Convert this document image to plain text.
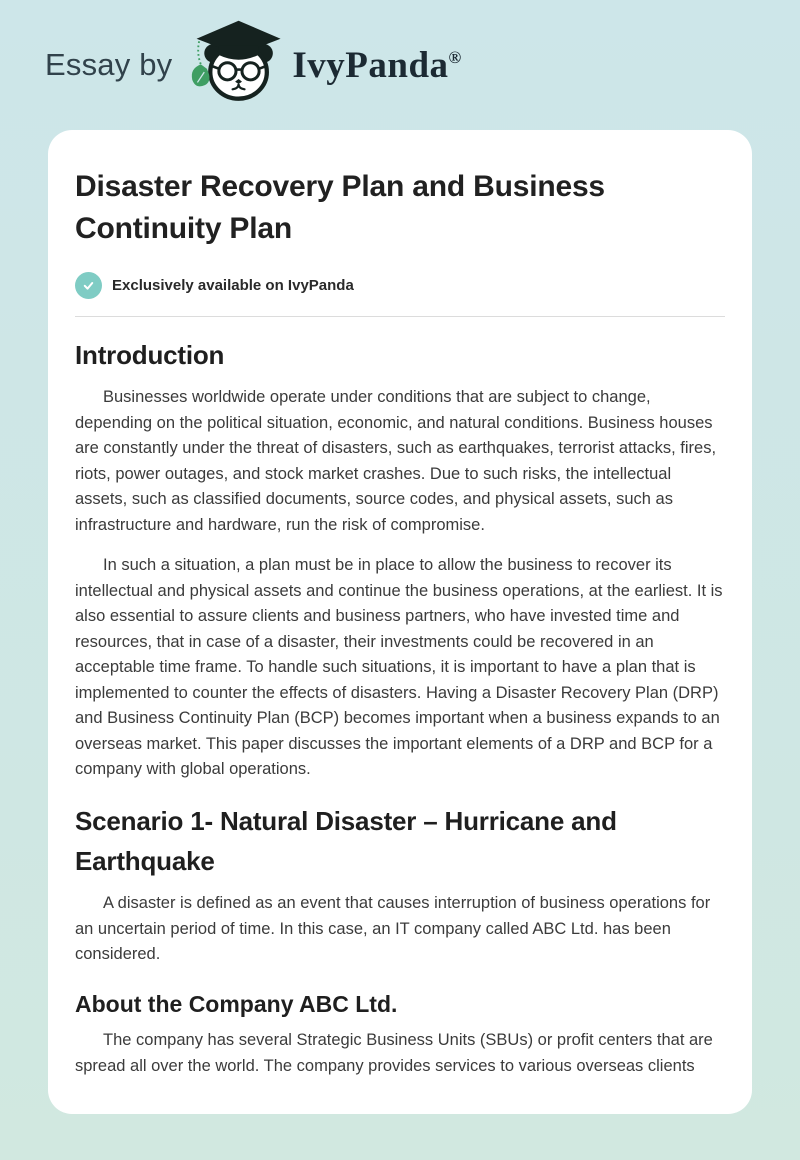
Essay by	IvyPanda®
Disaster Recovery Plan and Business Continuity Plan
Exclusively available on IvyPanda
Introduction

Businesses worldwide operate under conditions that are subject to change, depending on the political situation, economic, and natural conditions. Business houses are constantly under the threat of disasters, such as earthquakes, terrorist attacks, fires, riots, power outages, and stock market crashes. Due to such risks, the intellectual assets, such as classified documents, source codes, and physical assets, such as infrastructure and hardware, run the risk of compromise.

In such a situation, a plan must be in place to allow the business to recover its intellectual and physical assets and continue the business operations, at the earliest. It is also essential to assure clients and business partners, who have invested time and resources, that in case of a disaster, their investments could be recovered in an acceptable time frame. To handle such situations, it is important to have a plan that is implemented to counter the effects of disasters. Having a Disaster Recovery Plan (DRP) and Business Continuity Plan (BCP) becomes important when a business expands to an overseas market. This paper discusses the important elements of a DRP and BCP for a company with global operations.

Scenario 1- Natural Disaster – Hurricane and Earthquake

A disaster is defined as an event that causes interruption of business operations for an uncertain period of time. In this case, an IT company called ABC Ltd. has been considered.

About the Company ABC Ltd.

The company has several Strategic Business Units (SBUs) or profit centers that are spread all over the world. The company provides services to various overseas clients
